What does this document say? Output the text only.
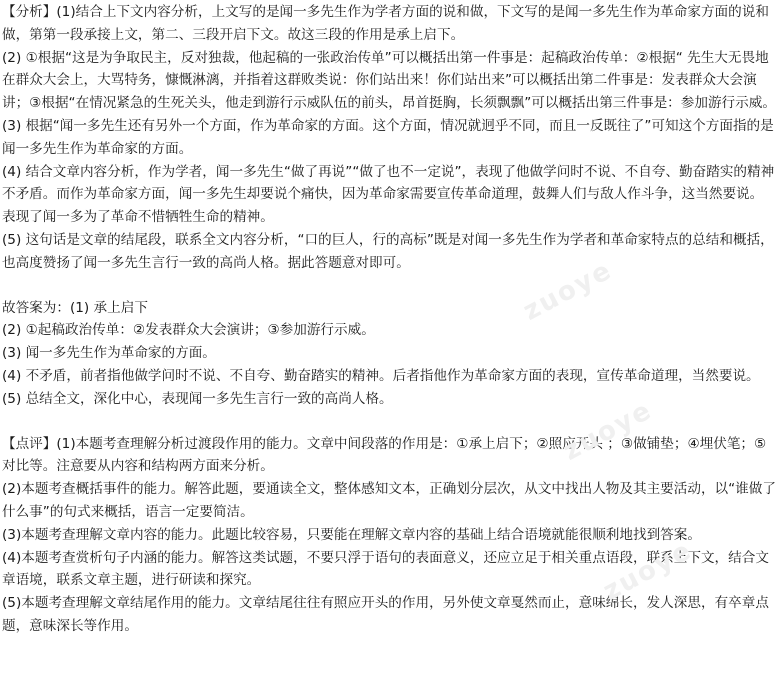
zuoye
zuoye
zuoye

【分析】(1)结合上下文内容分析，上文写的是闻一多先生作为学者方面的说和做，下文写的是闻一多先生作为革命家方面的说和做，第第一段承接上文，第二、三段开启下文。故这三段的作用是承上启下。

(2) ①根据“这是为争取民主，反对独裁，他起稿的一张政治传单”可以概括出第一件事是：起稿政治传单：②根据“ 先生大无畏地在群众大会上，大骂特务，慷慨淋漓，并指着这群败类说：你们站出来！你们站出来”可以概括出第二件事是：发表群众大会演讲；③根据“在情况紧急的生死关头，他走到游行示威队伍的前头，昂首挺胸，长须飘飘”可以概括出第三件事是：参加游行示威。

(3) 根据“闻一多先生还有另外一个方面，作为革命家的方面。这个方面，情况就迥乎不同，而且一反既往了”可知这个方面指的是闻一多先生作为革命家的方面。

(4) 结合文章内容分析，作为学者，闻一多先生“做了再说”“做了也不一定说”，表现了他做学问时不说、不自夸、勤奋踏实的精神 不矛盾。而作为革命家方面，闻一多先生却要说个痛快，因为革命家需要宣传革命道理，鼓舞人们与敌人作斗争，这当然要说。表现了闻一多为了革命不惜牺牲生命的精神。

(5) 这句话是文章的结尾段，联系全文内容分析，“口的巨人，行的高标”既是对闻一多先生作为学者和革命家特点的总结和概括，也高度赞扬了闻一多先生言行一致的高尚人格。据此答题意对即可。

故答案为：(1) 承上启下

(2) ①起稿政治传单：②发表群众大会演讲；③参加游行示威。

(3) 闻一多先生作为革命家的方面。

(4) 不矛盾，前者指他做学问时不说、不自夸、勤奋踏实的精神。后者指他作为革命家方面的表现，宣传革命道理，当然要说。

(5) 总结全文，深化中心，表现闻一多先生言行一致的高尚人格。

【点评】(1)本题考查理解分析过渡段作用的能力。文章中间段落的作用是：①承上启下；②照应开头 ；③做铺垫；④埋伏笔；⑤对比等。注意要从内容和结构两方面来分析。

(2)本题考查概括事件的能力。解答此题，要通读全文，整体感知文本，正确划分层次，从文中找出人物及其主要活动，以“谁做了什么事”的句式来概括，语言一定要简洁。

(3)本题考查理解文章内容的能力。此题比较容易，只要能在理解文章内容的基础上结合语境就能很顺利地找到答案。

(4)本题考查赏析句子内涵的能力。解答这类试题，不要只浮于语句的表面意义，还应立足于相关重点语段，联系上下文，结合文章语境，联系文章主题，进行研读和探究。

(5)本题考查理解文章结尾作用的能力。文章结尾往往有照应开头的作用，另外使文章戛然而止，意味绵长，发人深思，有卒章点题，意味深长等作用。
